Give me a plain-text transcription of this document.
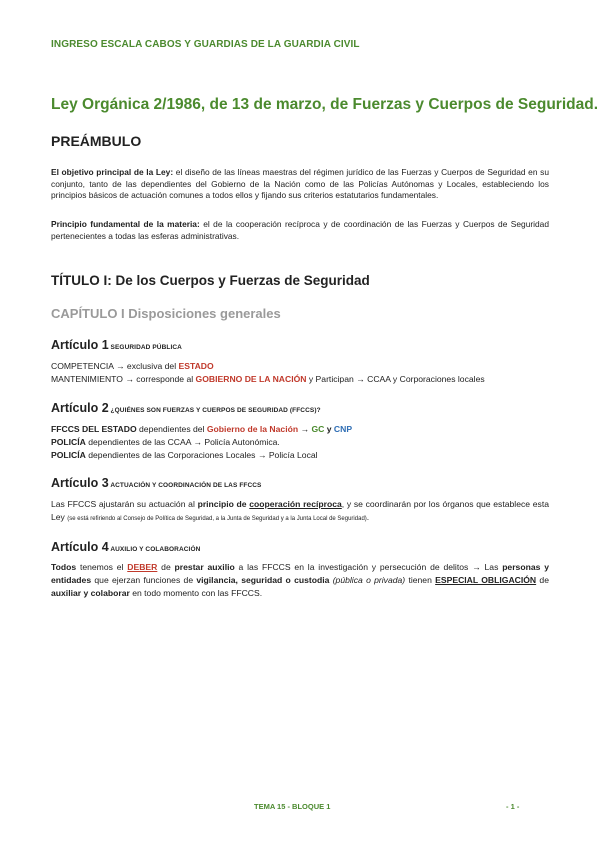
INGRESO ESCALA CABOS Y GUARDIAS DE LA GUARDIA CIVIL
Ley Orgánica 2/1986, de 13 de marzo, de Fuerzas y Cuerpos de Seguridad.
PREÁMBULO
El objetivo principal de la Ley: el diseño de las líneas maestras del régimen jurídico de las Fuerzas y Cuerpos de Seguridad en su conjunto, tanto de las dependientes del Gobierno de la Nación como de las Policías Autónomas y Locales, estableciendo los principios básicos de actuación comunes a todos ellos y fijando sus criterios estatutarios fundamentales.
Principio fundamental de la materia: el de la cooperación recíproca y de coordinación de las Fuerzas y Cuerpos de Seguridad pertenecientes a todas las esferas administrativas.
TÍTULO I: De los Cuerpos y Fuerzas de Seguridad
CAPÍTULO I Disposiciones generales
Artículo 1 SEGURIDAD PÚBLICA
COMPETENCIA → exclusiva del ESTADO
MANTENIMIENTO → corresponde al GOBIERNO DE LA NACIÓN y Participan → CCAA y Corporaciones locales
Artículo 2 ¿QUIÉNES SON FUERZAS Y CUERPOS DE SEGURIDAD (FFCCS)?
FFCCS DEL ESTADO dependientes del Gobierno de la Nación → GC y CNP
POLICÍA dependientes de las CCAA → Policía Autonómica.
POLICÍA dependientes de las Corporaciones Locales → Policía Local
Artículo 3 ACTUACIÓN Y COORDINACIÓN DE LAS FFCCS
Las FFCCS ajustarán su actuación al principio de cooperación recíproca, y se coordinarán por los órganos que establece esta Ley (se está refiriendo al Consejo de Política de Seguridad, a la Junta de Seguridad y a la Junta Local de Seguridad).
Artículo 4 AUXILIO Y COLABORACIÓN
Todos tenemos el DEBER de prestar auxilio a las FFCCS en la investigación y persecución de delitos → Las personas y entidades que ejerzan funciones de vigilancia, seguridad o custodia (pública o privada) tienen ESPECIAL OBLIGACIÓN de auxiliar y colaborar en todo momento con las FFCCS.
TEMA 15 - BLOQUE 1	- 1 -
